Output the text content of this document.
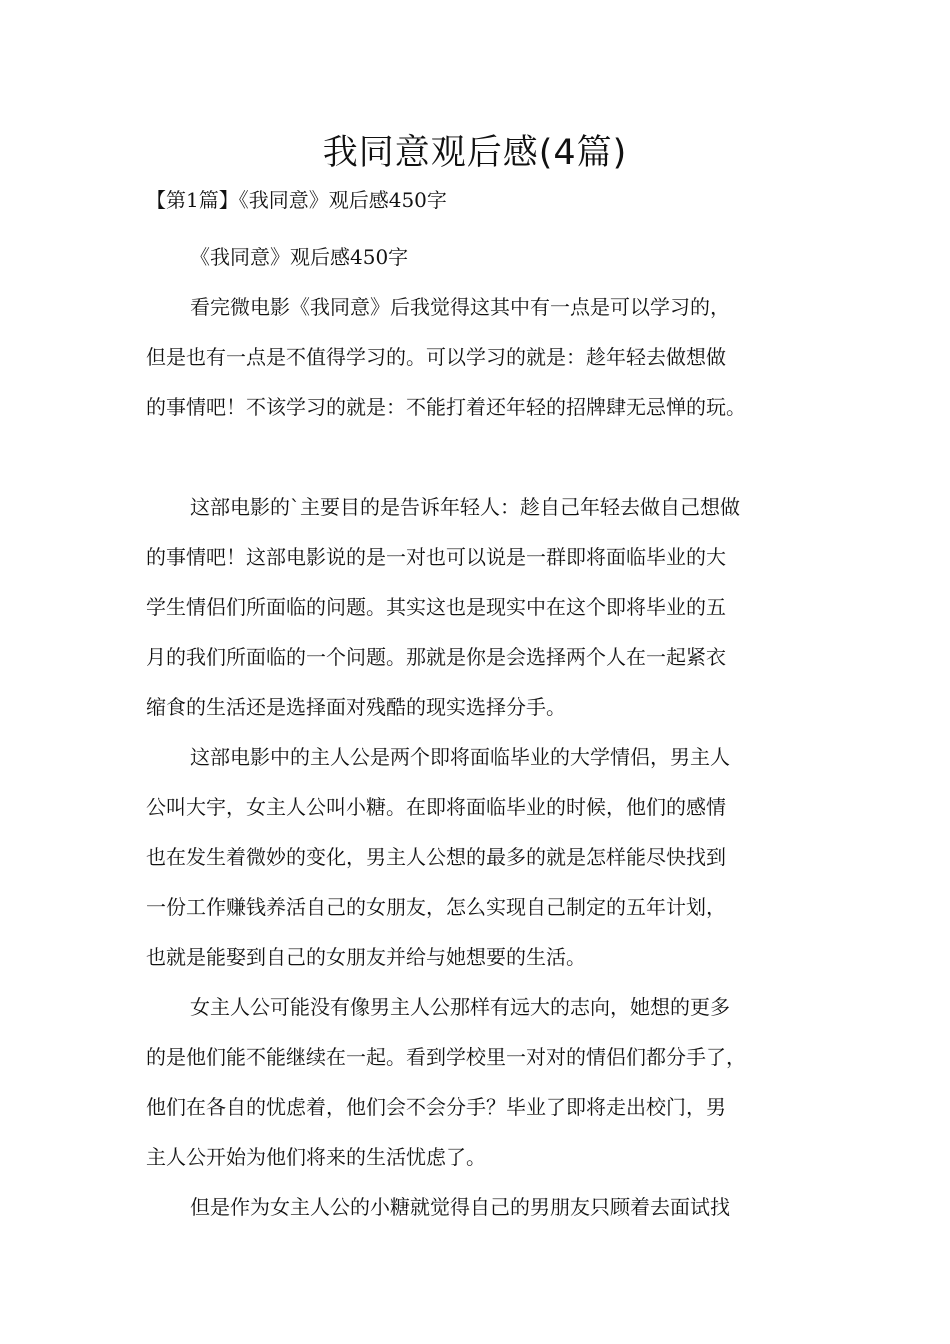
我同意观后感(4篇)
【第1篇】《我同意》观后感450字
《我同意》观后感450字
看完微电影《我同意》后我觉得这其中有一点是可以学习的，
但是也有一点是不值得学习的。可以学习的就是：趁年轻去做想做
的事情吧！不该学习的就是：不能打着还年轻的招牌肆无忌惮的玩。
这部电影的`主要目的是告诉年轻人：趁自己年轻去做自己想做
的事情吧！这部电影说的是一对也可以说是一群即将面临毕业的大
学生情侣们所面临的问题。其实这也是现实中在这个即将毕业的五
月的我们所面临的一个问题。那就是你是会选择两个人在一起紧衣
缩食的生活还是选择面对残酷的现实选择分手。
这部电影中的主人公是两个即将面临毕业的大学情侣，男主人
公叫大宇，女主人公叫小糖。在即将面临毕业的时候，他们的感情
也在发生着微妙的变化，男主人公想的最多的就是怎样能尽快找到
一份工作赚钱养活自己的女朋友，怎么实现自己制定的五年计划，
也就是能娶到自己的女朋友并给与她想要的生活。
女主人公可能没有像男主人公那样有远大的志向，她想的更多
的是他们能不能继续在一起。看到学校里一对对的情侣们都分手了，
他们在各自的忧虑着，他们会不会分手？毕业了即将走出校门，男
主人公开始为他们将来的生活忧虑了。
但是作为女主人公的小糖就觉得自己的男朋友只顾着去面试找
